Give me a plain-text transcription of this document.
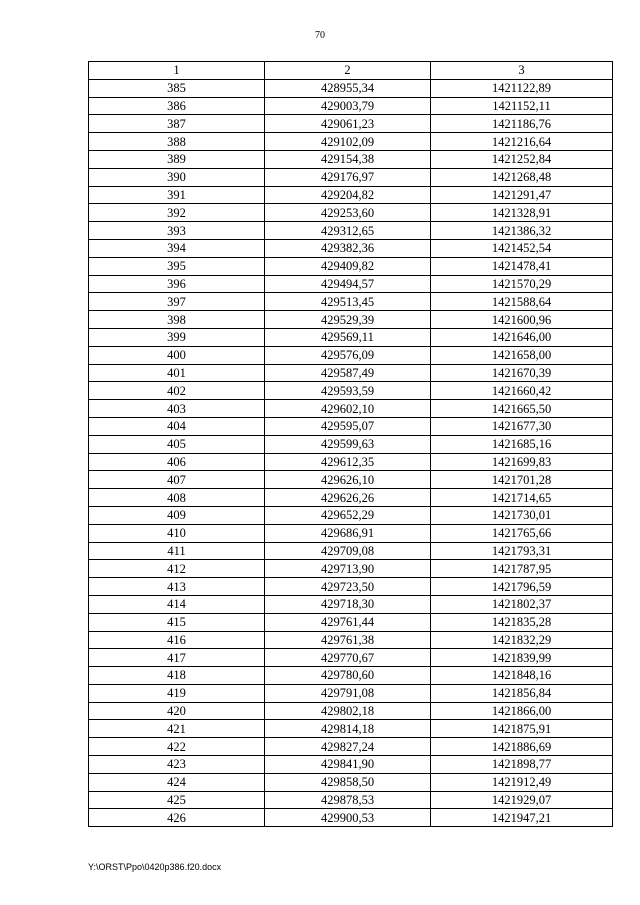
70
1	2	3
385	428955,34	1421122,89
386	429003,79	1421152,11
387	429061,23	1421186,76
388	429102,09	1421216,64
389	429154,38	1421252,84
390	429176,97	1421268,48
391	429204,82	1421291,47
392	429253,60	1421328,91
393	429312,65	1421386,32
394	429382,36	1421452,54
395	429409,82	1421478,41
396	429494,57	1421570,29
397	429513,45	1421588,64
398	429529,39	1421600,96
399	429569,11	1421646,00
400	429576,09	1421658,00
401	429587,49	1421670,39
402	429593,59	1421660,42
403	429602,10	1421665,50
404	429595,07	1421677,30
405	429599,63	1421685,16
406	429612,35	1421699,83
407	429626,10	1421701,28
408	429626,26	1421714,65
409	429652,29	1421730,01
410	429686,91	1421765,66
411	429709,08	1421793,31
412	429713,90	1421787,95
413	429723,50	1421796,59
414	429718,30	1421802,37
415	429761,44	1421835,28
416	429761,38	1421832,29
417	429770,67	1421839,99
418	429780,60	1421848,16
419	429791,08	1421856,84
420	429802,18	1421866,00
421	429814,18	1421875,91
422	429827,24	1421886,69
423	429841,90	1421898,77
424	429858,50	1421912,49
425	429878,53	1421929,07
426	429900,53	1421947,21
Y:\ORST\Ppo\0420p386.f20.docx
